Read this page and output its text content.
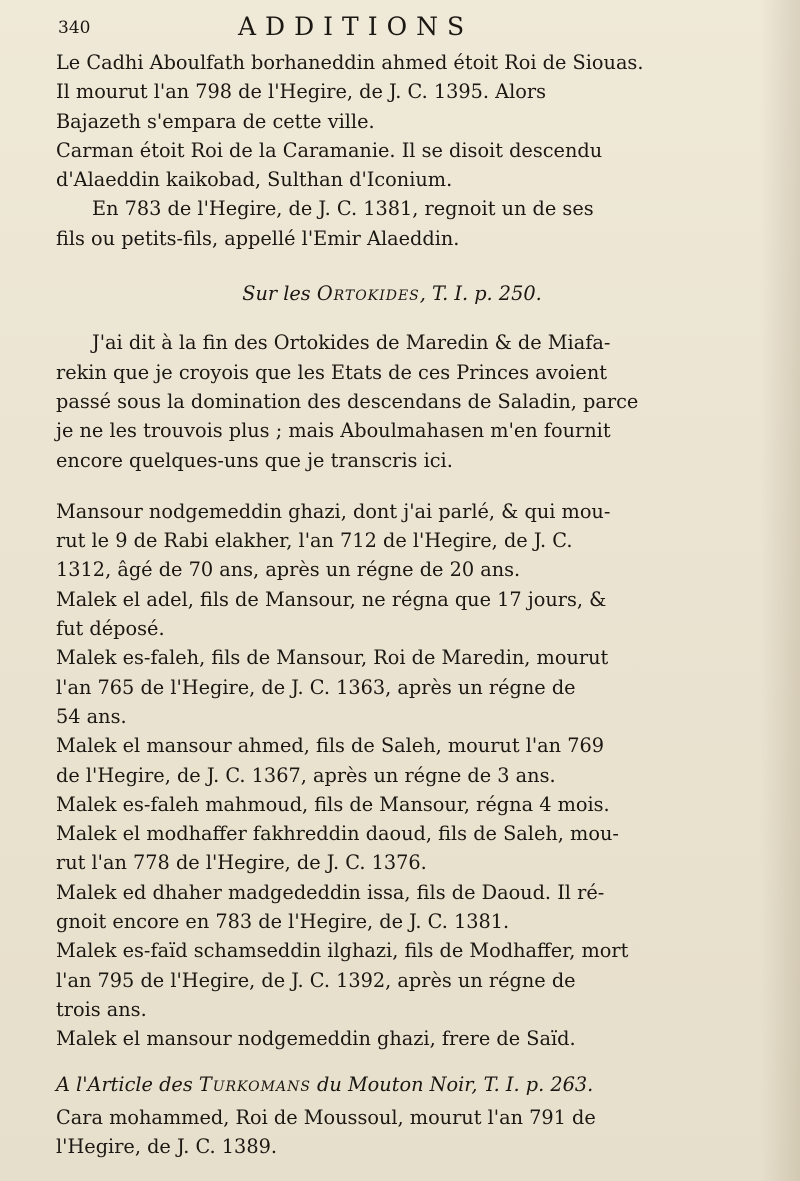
340	ADDITIONS
Le Cadhi Aboulfath borhaneddin ahmed étoit Roi de Siouas.
Il mourut l'an 798 de l'Hegire, de J. C. 1395. Alors
Bajazeth s'empara de cette ville.
Carman étoit Roi de la Caramanie. Il se disoit descendu
d'Alaeddin kaikobad, Sulthan d'Iconium.
En 783 de l'Hegire, de J. C. 1381, regnoit un de ses
fils ou petits-fils, appellé l'Emir Alaeddin.
Sur les Ortokides, T. I. p. 250.
J'ai dit à la fin des Ortokides de Maredin & de Miafa-
rekin que je croyois que les Etats de ces Princes avoient
passé sous la domination des descendans de Saladin, parce
je ne les trouvois plus ; mais Aboulmahasen m'en fournit
encore quelques-uns que je transcris ici.
Mansour nodgemeddin ghazi, dont j'ai parlé, & qui mou-
rut le 9 de Rabi elakher, l'an 712 de l'Hegire, de J. C.
1312, âgé de 70 ans, après un régne de 20 ans.
Malek el adel, fils de Mansour, ne régna que 17 jours, &
fut déposé.
Malek es-faleh, fils de Mansour, Roi de Maredin, mourut
l'an 765 de l'Hegire, de J. C. 1363, après un régne de
54 ans.
Malek el mansour ahmed, fils de Saleh, mourut l'an 769
de l'Hegire, de J. C. 1367, après un régne de 3 ans.
Malek es-faleh mahmoud, fils de Mansour, régna 4 mois.
Malek el modhaffer fakhreddin daoud, fils de Saleh, mou-
rut l'an 778 de l'Hegire, de J. C. 1376.
Malek ed dhaher madgededdin issa, fils de Daoud. Il ré-
gnoit encore en 783 de l'Hegire, de J. C. 1381.
Malek es-faïd schamseddin ilghazi, fils de Modhaffer, mort
l'an 795 de l'Hegire, de J. C. 1392, après un régne de
trois ans.
Malek el mansour nodgemeddin ghazi, frere de Saïd.
A l'Article des Turkomans du Mouton Noir, T. I. p. 263.
Cara mohammed, Roi de Moussoul, mourut l'an 791 de
l'Hegire, de J. C. 1389.
